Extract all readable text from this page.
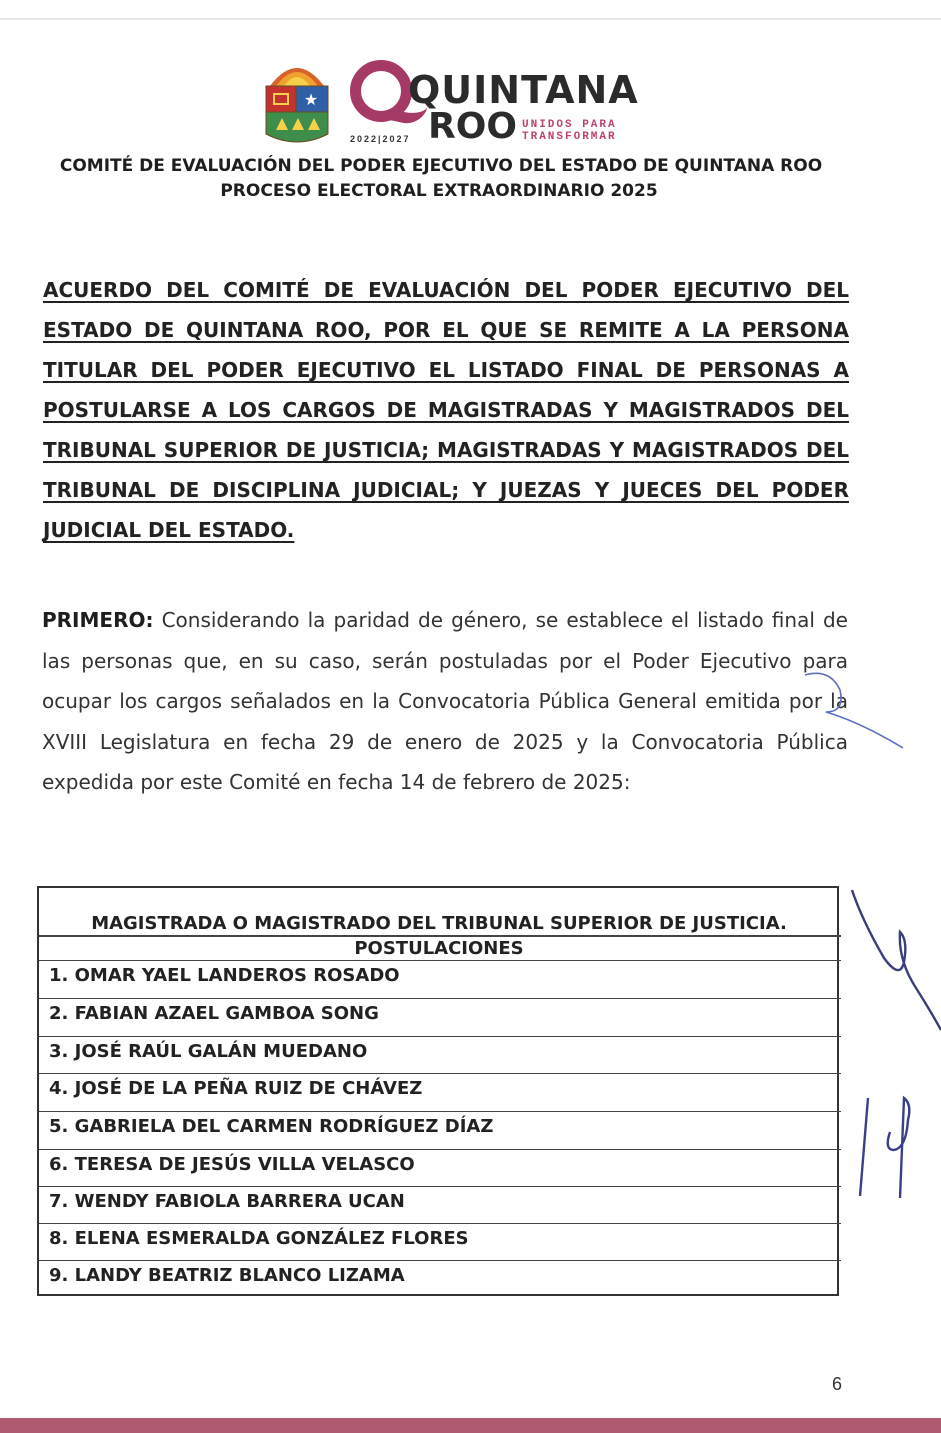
★ QUINTANA
ROO UNIDOS PARA
TRANSFORMAR
2022|2027
COMITÉ DE EVALUACIÓN DEL PODER EJECUTIVO DEL ESTADO DE QUINTANA ROO
PROCESO ELECTORAL EXTRAORDINARIO 2025
ACUERDO DEL COMITÉ DE EVALUACIÓN DEL PODER EJECUTIVO DEL ESTADO DE QUINTANA ROO, POR EL QUE SE REMITE A LA PERSONA TITULAR DEL PODER EJECUTIVO EL LISTADO FINAL DE PERSONAS A POSTULARSE A LOS CARGOS DE MAGISTRADAS Y MAGISTRADOS DEL TRIBUNAL SUPERIOR DE JUSTICIA; MAGISTRADAS Y MAGISTRADOS DEL TRIBUNAL DE DISCIPLINA JUDICIAL; Y JUEZAS Y JUECES DEL PODER JUDICIAL DEL ESTADO.
PRIMERO: Considerando la paridad de género, se establece el listado final de las personas que, en su caso, serán postuladas por el Poder Ejecutivo para ocupar los cargos señalados en la Convocatoria Pública General emitida por la XVIII Legislatura en fecha 29 de enero de 2025 y la Convocatoria Pública expedida por este Comité en fecha 14 de febrero de 2025:
MAGISTRADA O MAGISTRADO DEL TRIBUNAL SUPERIOR DE JUSTICIA.
POSTULACIONES
1. OMAR YAEL LANDEROS ROSADO
2. FABIAN AZAEL GAMBOA SONG
3. JOSÉ RAÚL GALÁN MUEDANO
4. JOSÉ DE LA PEÑA RUIZ DE CHÁVEZ
5. GABRIELA DEL CARMEN RODRÍGUEZ DÍAZ
6. TERESA DE JESÚS VILLA VELASCO
7. WENDY FABIOLA BARRERA UCAN
8. ELENA ESMERALDA GONZÁLEZ FLORES
9. LANDY BEATRIZ BLANCO LIZAMA
6
